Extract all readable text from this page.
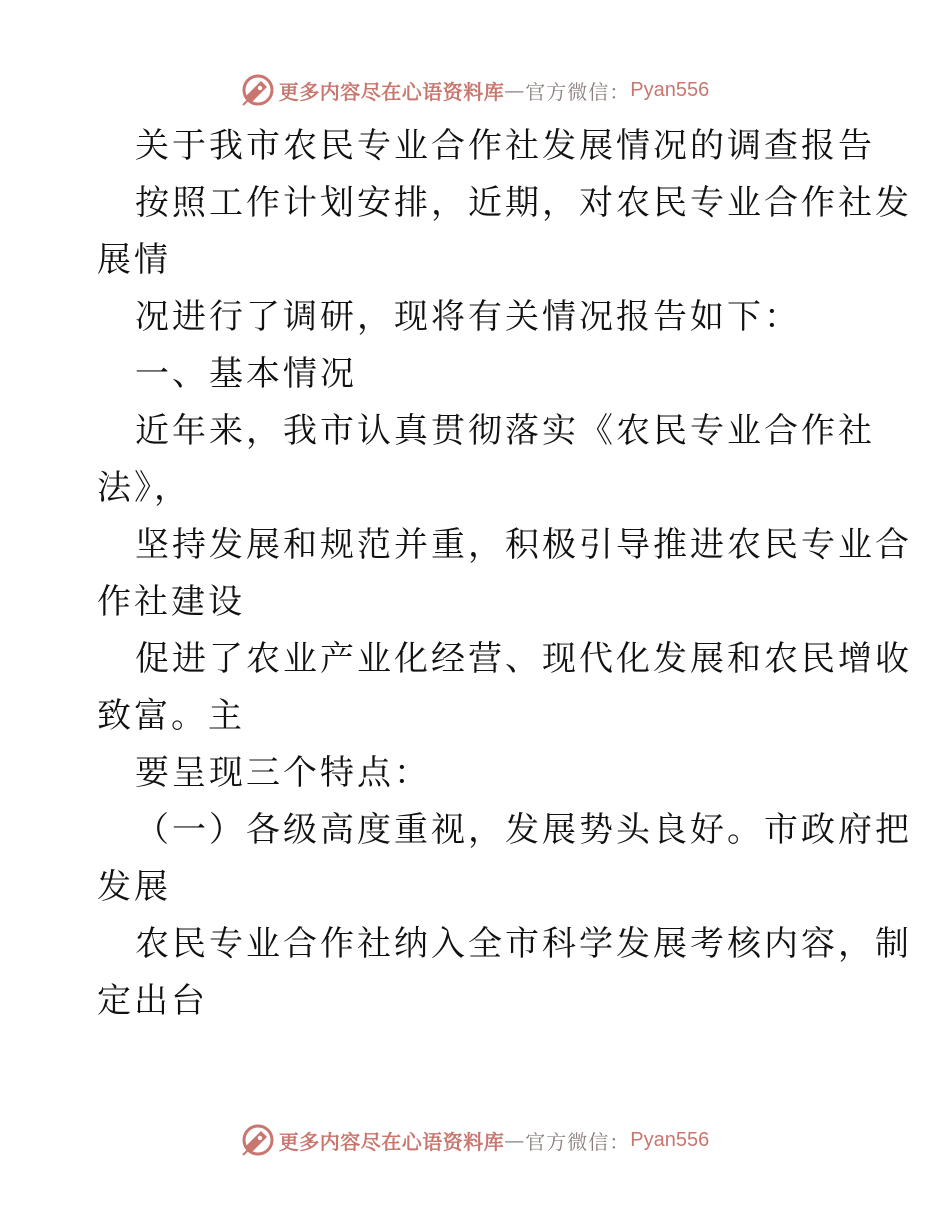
更多内容尽在心语资料库 — 官方微信： Pyan556
关于我市农民专业合作社发展情况的调查报告
按照工作计划安排，近期，对农民专业合作社发
展情
况进行了调研，现将有关情况报告如下：
一、基本情况
近年来，我市认真贯彻落实《农民专业合作社
法》，
坚持发展和规范并重，积极引导推进农民专业合
作社建设
促进了农业产业化经营、现代化发展和农民增收
致富。主
要呈现三个特点：
（一）各级高度重视，发展势头良好。市政府把
发展
农民专业合作社纳入全市科学发展考核内容，制
定出台
更多内容尽在心语资料库 — 官方微信： Pyan556
